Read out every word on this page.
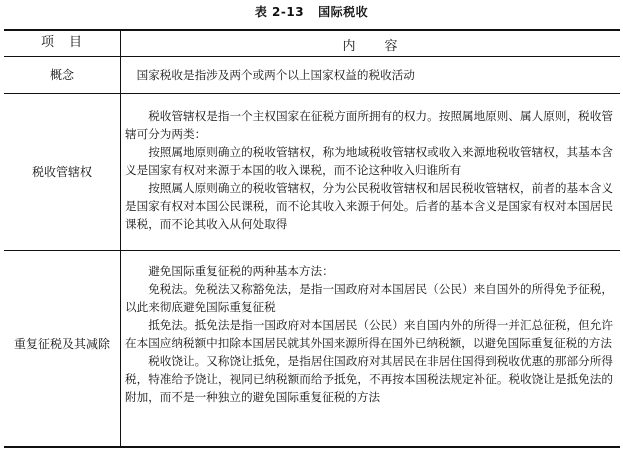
表 2-13 国际税收
项　目	内　　容
概念	国家税收是指涉及两个或两个以上国家权益的税收活动

税收管辖权

税收管辖权是指一个主权国家在征税方面所拥有的权力。按照属地原则、属人原则，税收管辖可分为两类：

按照属地原则确立的税收管辖权，称为地域税收管辖权或收入来源地税收管辖权，其基本含义是国家有权对来源于本国的收入课税，而不论这种收入归谁所有

按照属人原则确立的税收管辖权，分为公民税收管辖权和居民税收管辖权，前者的基本含义是国家有权对本国公民课税，而不论其收入来源于何处。后者的基本含义是国家有权对本国居民课税，而不论其收入从何处取得

重复征税及其减除

避免国际重复征税的两种基本方法：

免税法。免税法又称豁免法，是指一国政府对本国居民（公民）来自国外的所得免予征税，以此来彻底避免国际重复征税

抵免法。抵免法是指一国政府对本国居民（公民）来自国内外的所得一并汇总征税，但允许在本国应纳税额中扣除本国居民就其外国来源所得在国外已纳税额，以避免国际重复征税的方法

税收饶让。又称饶让抵免，是指居住国政府对其居民在非居住国得到税收优惠的那部分所得税，特准给予饶让，视同已纳税额而给予抵免，不再按本国税法规定补征。税收饶让是抵免法的附加，而不是一种独立的避免国际重复征税的方法
